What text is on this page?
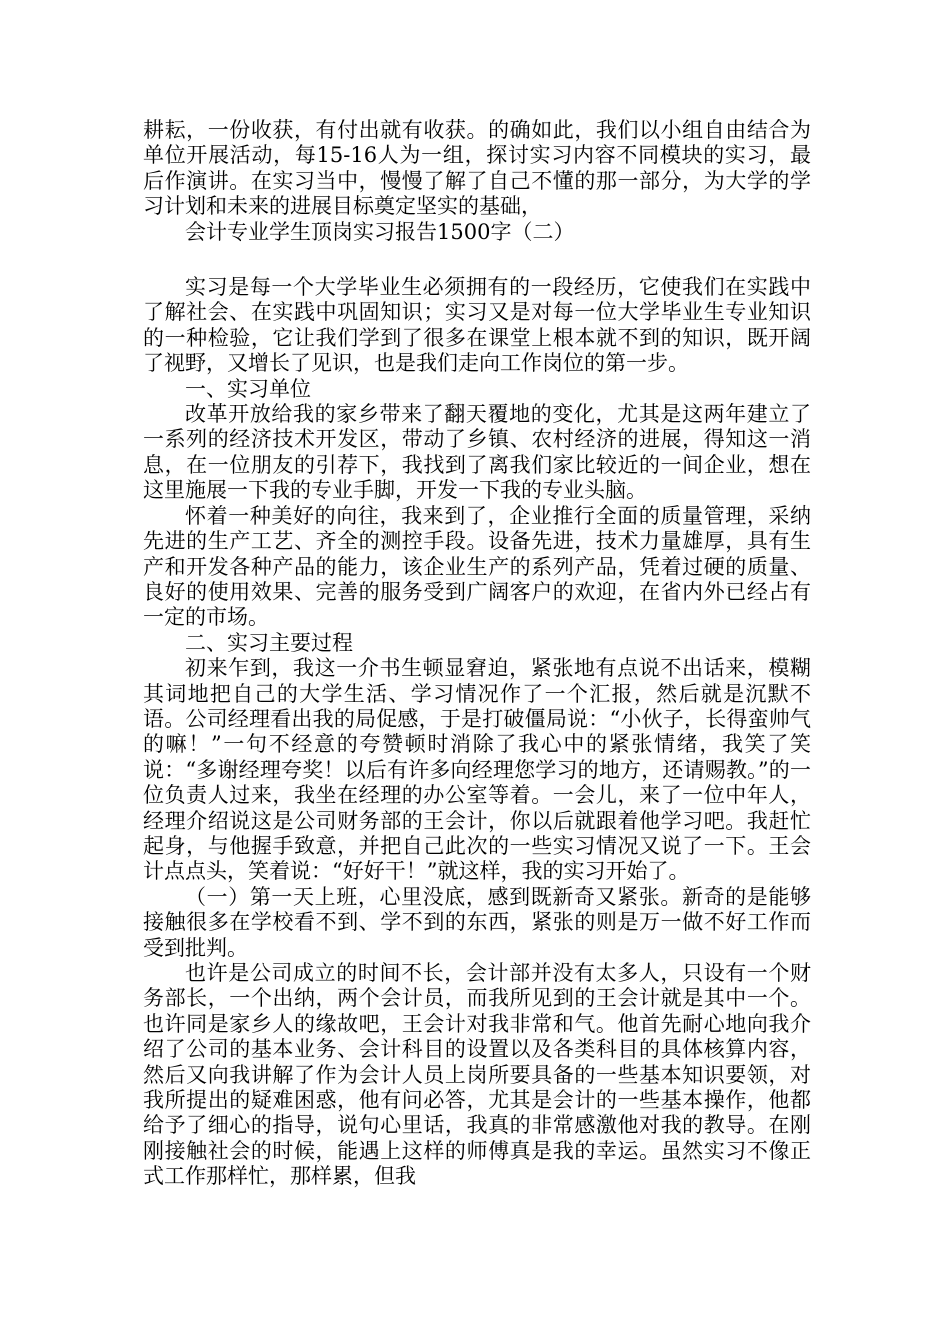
耕耘，一份收获，有付出就有收获。的确如此，我们以小组自由结合为单位开展活动，每15-16人为一组，探讨实习内容不同模块的实习，最后作演讲。在实习当中，慢慢了解了自己不懂的那一部分，为大学的学习计划和未来的进展目标奠定坚实的基础，

会计专业学生顶岗实习报告1500字（二）

实习是每一个大学毕业生必须拥有的一段经历，它使我们在实践中了解社会、在实践中巩固知识；实习又是对每一位大学毕业生专业知识的一种检验，它让我们学到了很多在课堂上根本就不到的知识，既开阔了视野，又增长了见识，也是我们走向工作岗位的第一步。

一、实习单位

改革开放给我的家乡带来了翻天覆地的变化，尤其是这两年建立了一系列的经济技术开发区，带动了乡镇、农村经济的进展，得知这一消息，在一位朋友的引荐下，我找到了离我们家比较近的一间企业，想在这里施展一下我的专业手脚，开发一下我的专业头脑。

怀着一种美好的向往，我来到了，企业推行全面的质量管理，采纳先进的生产工艺、齐全的测控手段。设备先进，技术力量雄厚，具有生产和开发各种产品的能力，该企业生产的系列产品，凭着过硬的质量、良好的使用效果、完善的服务受到广阔客户的欢迎，在省内外已经占有一定的市场。

二、实习主要过程

初来乍到，我这一介书生顿显窘迫，紧张地有点说不出话来，模糊其词地把自己的大学生活、学习情况作了一个汇报，然后就是沉默不语。公司经理看出我的局促感，于是打破僵局说：“小伙子，长得蛮帅气的嘛！”一句不经意的夸赞顿时消除了我心中的紧张情绪，我笑了笑说：“多谢经理夸奖！以后有许多向经理您学习的地方，还请赐教。”的一位负责人过来，我坐在经理的办公室等着。一会儿，来了一位中年人，经理介绍说这是公司财务部的王会计，你以后就跟着他学习吧。我赶忙起身，与他握手致意，并把自己此次的一些实习情况又说了一下。王会计点点头，笑着说：“好好干！”就这样，我的实习开始了。

（一）第一天上班，心里没底，感到既新奇又紧张。新奇的是能够接触很多在学校看不到、学不到的东西，紧张的则是万一做不好工作而受到批判。

也许是公司成立的时间不长，会计部并没有太多人，只设有一个财务部长，一个出纳，两个会计员，而我所见到的王会计就是其中一个。也许同是家乡人的缘故吧，王会计对我非常和气。他首先耐心地向我介绍了公司的基本业务、会计科目的设置以及各类科目的具体核算内容，然后又向我讲解了作为会计人员上岗所要具备的一些基本知识要领，对我所提出的疑难困惑，他有问必答，尤其是会计的一些基本操作，他都给予了细心的指导，说句心里话，我真的非常感激他对我的教导。在刚刚接触社会的时候，能遇上这样的师傅真是我的幸运。虽然实习不像正式工作那样忙，那样累，但我
